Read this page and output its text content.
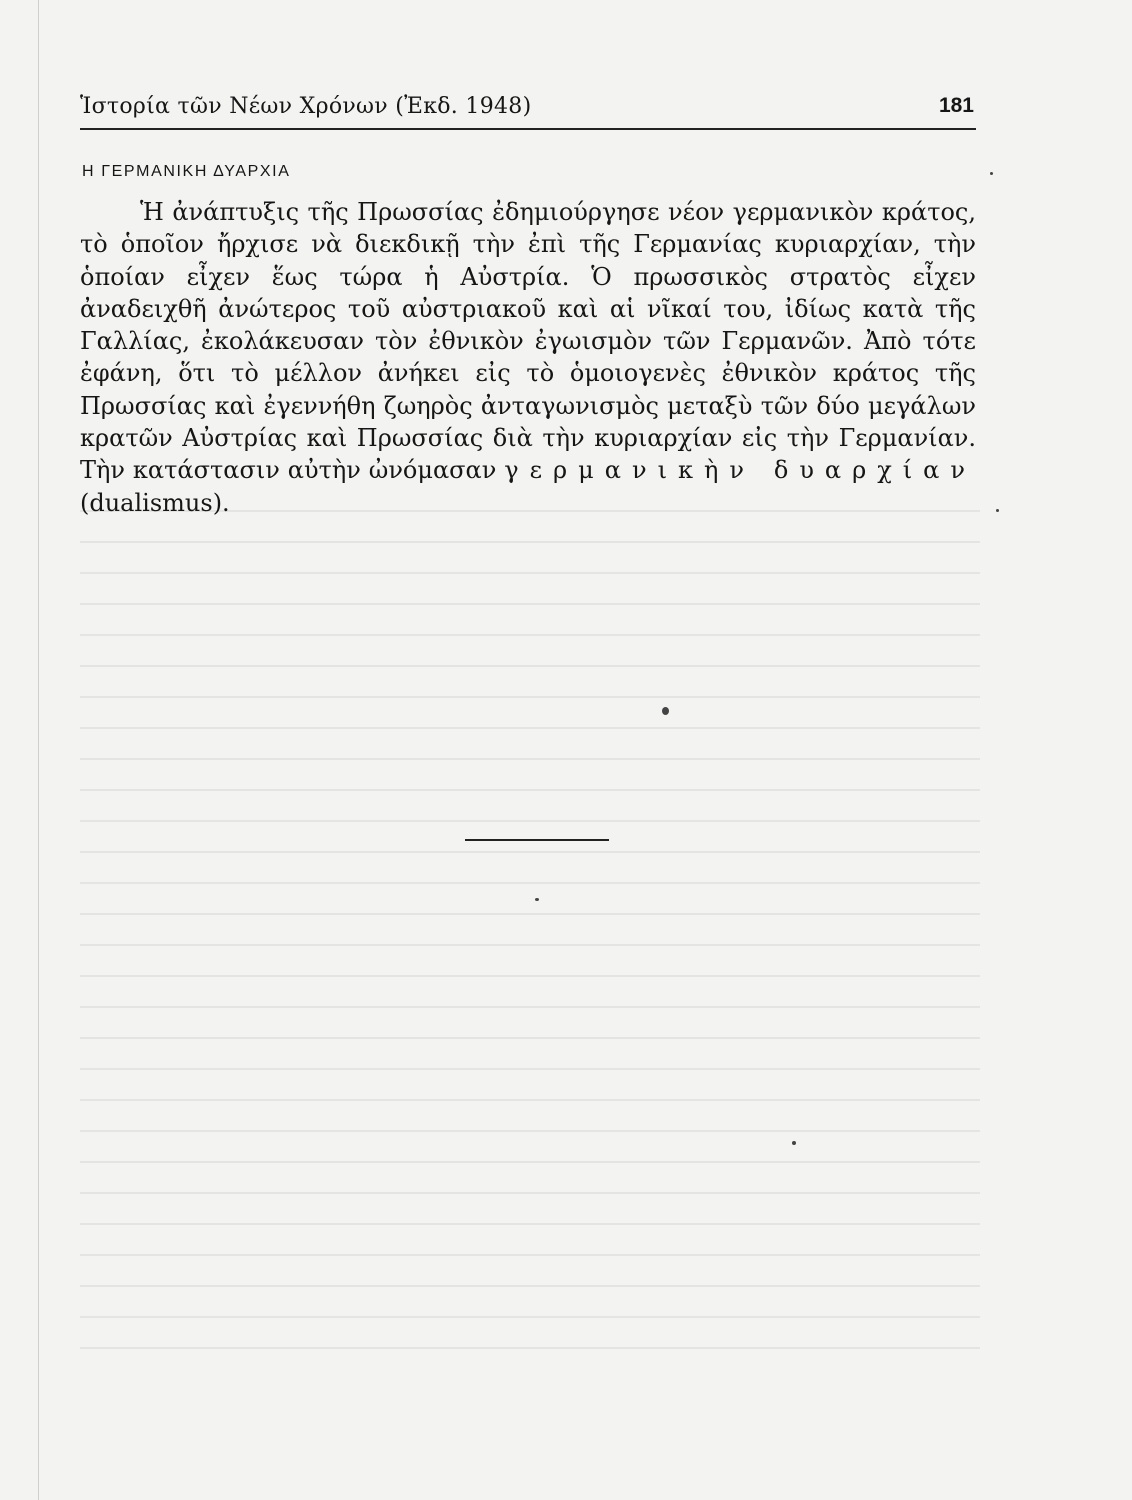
Ἱστορία τῶν Νέων Χρόνων (Ἐκδ. 1948)	181
Η ΓΕΡΜΑΝΙΚΗ ΔΥΑΡΧΙΑ

Ἡ ἀνάπτυξις τῆς Πρωσσίας ἐδημιούργησε νέον γερμανικὸν κράτος, τὸ ὁποῖον ἤρχισε νὰ διεκδικῇ τὴν ἐπὶ τῆς Γερμανίας κυριαρχίαν, τὴν ὁποίαν εἶχεν ἕως τώρα ἡ Αὐστρία. Ὁ πρωσσικὸς στρατὸς εἶχεν ἀναδειχθῆ ἀνώτερος τοῦ αὐστριακοῦ καὶ αἱ νῖκαί του, ἰδίως κατὰ τῆς Γαλλίας, ἐκολάκευσαν τὸν ἐθνικὸν ἐγωισμὸν τῶν Γερμανῶν. Ἀπὸ τότε ἐφάνη, ὅτι τὸ μέλλον ἀνήκει εἰς τὸ ὁμοιογενὲς ἐθνικὸν κράτος τῆς Πρωσσίας καὶ ἐγεννήθη ζωηρὸς ἀνταγωνισμὸς μεταξὺ τῶν δύο μεγάλων κρατῶν Αὐστρίας καὶ Πρωσσίας διὰ τὴν κυριαρχίαν εἰς τὴν Γερμανίαν. Τὴν κατάστασιν αὐτὴν ὠνόμασαν γερμανικὴν δυαρχίαν (dualismus).
